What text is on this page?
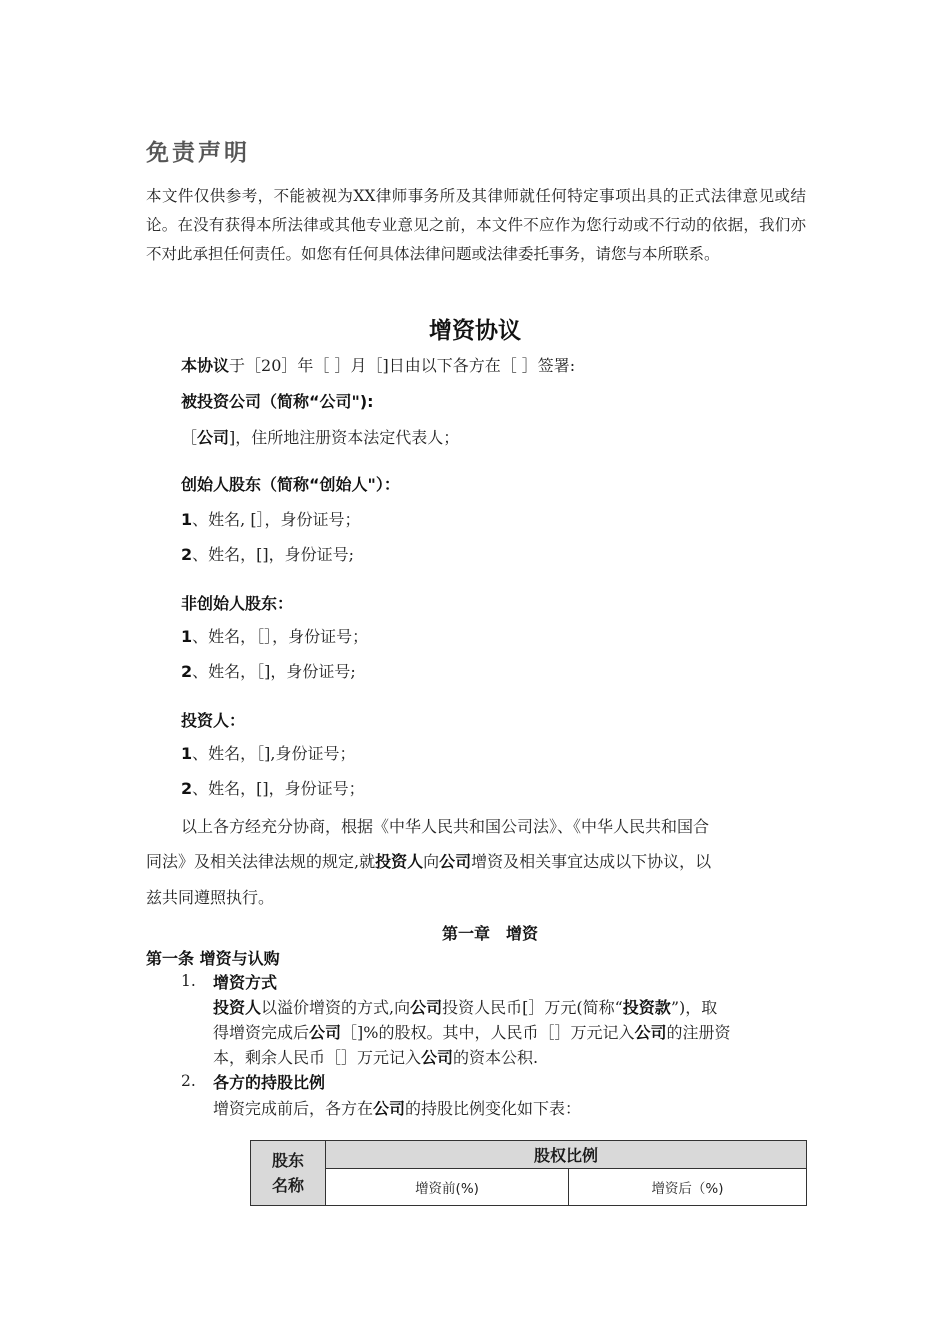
免责声明
本文件仅供参考，不能被视为XX律师事务所及其律师就任何特定事项出具的正式法律意见或结论。在没有获得本所法律或其他专业意见之前，本文件不应作为您行动或不行动的依据，我们亦不对此承担任何责任。如您有任何具体法律问题或法律委托事务，请您与本所联系。
增资协议
本协议于［20］年［ ］月［]日由以下各方在［ ］签署:
被投资公司（简称“公司"):
［公司]，住所地注册资本法定代表人；
创始人股东（简称“创始人"）：
1、姓名, [］，身份证号；
2、姓名，[]，身份证号;
非创始人股东：
1、姓名，［］，身份证号；
2、姓名，［]，身份证号;
投资人：
1、姓名，［],身份证号；
2、姓名，[]，身份证号；
以上各方经充分协商，根据《中华人民共和国公司法》、《中华人民共和国合
同法》及相关法律法规的规定,就投资人向公司增资及相关事宜达成以下协议，以
兹共同遵照执行。
第一章　增资
第一条 增资与认购
1. 增资方式
投资人以溢价增资的方式,向公司投资人民币[］万元(简称“投资款”)，取
得增资完成后公司［]%的股权。其中，人民币［］万元记入公司的注册资
本，剩余人民币［］万元记入公司的资本公积.
2. 各方的持股比例
增资完成前后，各方在公司的持股比例变化如下表：
股东
名称	股权比例	
	增资前(%)	增资后（%)
